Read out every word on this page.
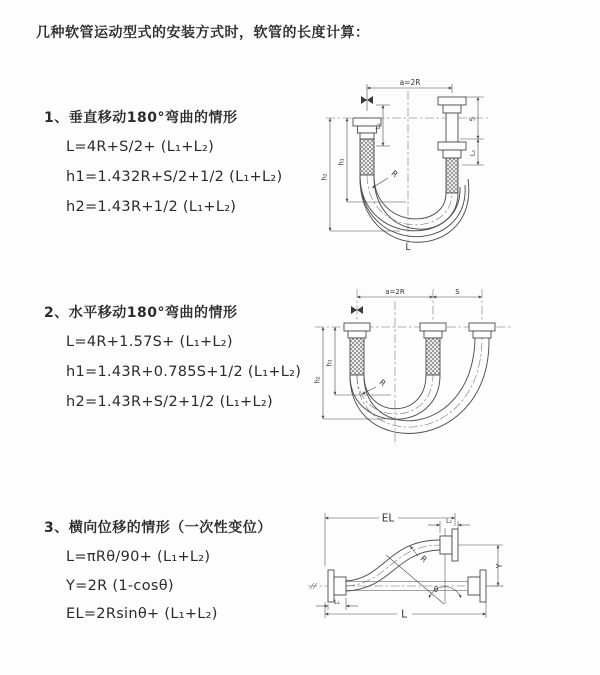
几种软管运动型式的安装方式时，软管的长度计算：
1、垂直移动180°弯曲的情形
L=4R+S/2+ (L₁+L₂)
h1=1.432R+S/2+1/2 (L₁+L₂)
h2=1.43R+1/2 (L₁+L₂)
2、水平移动180°弯曲的情形
L=4R+1.57S+ (L₁+L₂)
h1=1.43R+0.785S+1/2 (L₁+L₂)
h2=1.43R+S/2+1/2 (L₁+L₂)
3、横向位移的情形（一次性变位）
L=πRθ/90+ (L₁+L₂)
Y=2R (1-cosθ)
EL=2Rsinθ+ (L₁+L₂)
a=2R
h₁
h₂
L₁
S
L₂
R
L
a=2R	S
h₁
h₂	R
θ
EL	L₂
Y
R
L
L₁
